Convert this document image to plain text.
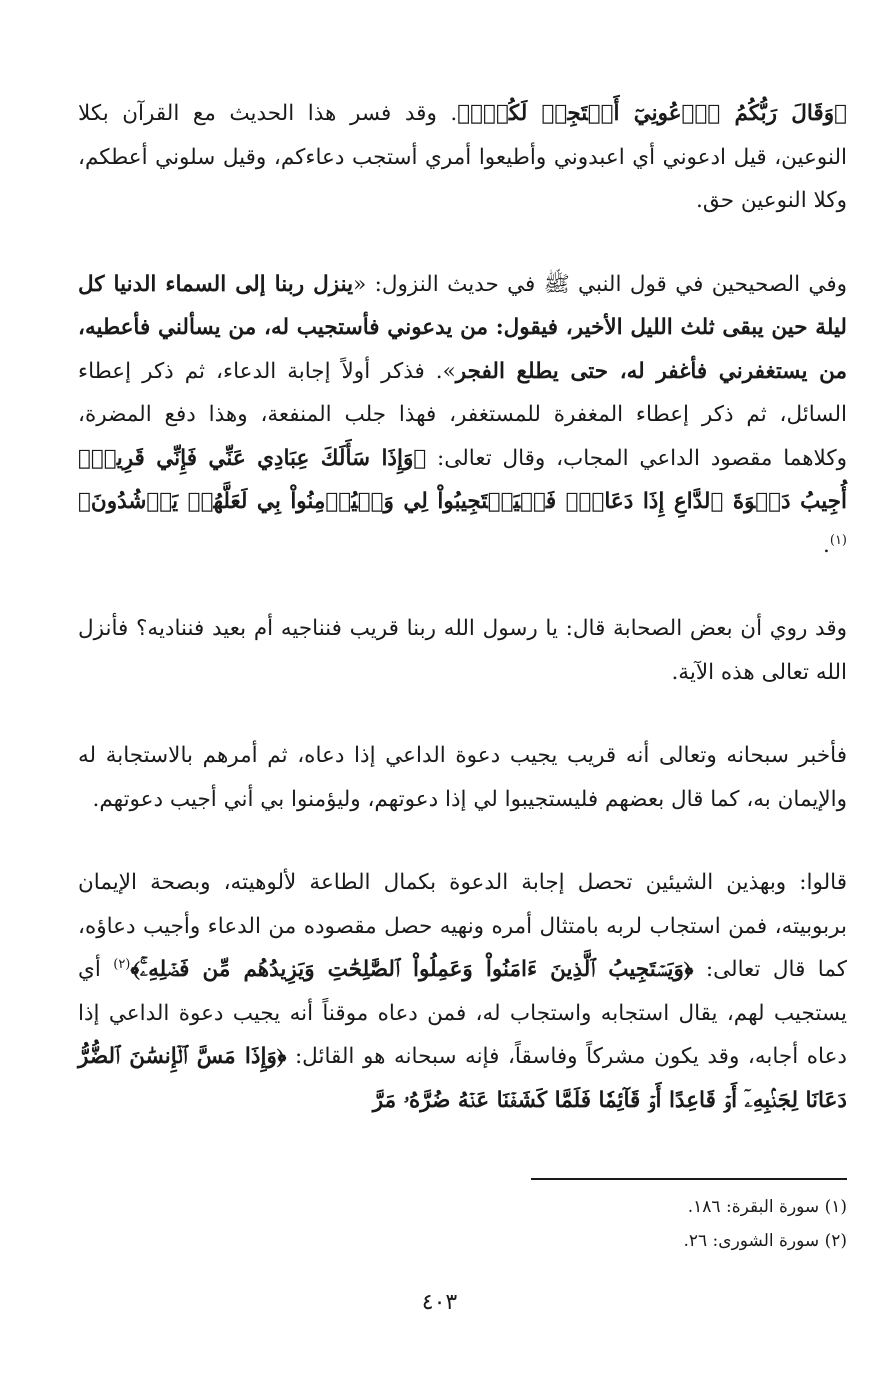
﴿وَقَالَ رَبُّكُمُ ٱدۡعُونِيٓ أَسۡتَجِبۡ لَكُمۡۚ﴾. وقد فسر هذا الحديث مع القرآن بكلا النوعين، قيل ادعوني أي اعبدوني وأطيعوا أمري أستجب دعاءكم، وقيل سلوني أعطكم، وكلا النوعين حق.

وفي الصحيحين في قول النبي ﷺ في حديث النزول: «ينزل ربنا إلى السماء الدنيا كل ليلة حين يبقى ثلث الليل الأخير، فيقول: من يدعوني فأستجيب له، من يسألني فأعطيه، من يستغفرني فأغفر له، حتى يطلع الفجر». فذكر أولاً إجابة الدعاء، ثم ذكر إعطاء السائل، ثم ذكر إعطاء المغفرة للمستغفر، فهذا جلب المنفعة، وهذا دفع المضرة، وكلاهما مقصود الداعي المجاب، وقال تعالى: ﴿وَإِذَا سَأَلَكَ عِبَادِي عَنِّي فَإِنِّي قَرِيبٌۖ أُجِيبُ دَعۡوَةَ ٱلدَّاعِ إِذَا دَعَانِۖ فَلۡيَسۡتَجِيبُواْ لِي وَلۡيُؤۡمِنُواْ بِي لَعَلَّهُمۡ يَرۡشُدُونَ﴾$^{(١)}$.

وقد روي أن بعض الصحابة قال: يا رسول الله ربنا قريب فنناجيه أم بعيد فنناديه؟ فأنزل الله تعالى هذه الآية.

فأخبر سبحانه وتعالى أنه قريب يجيب دعوة الداعي إذا دعاه، ثم أمرهم بالاستجابة له والإيمان به، كما قال بعضهم فليستجيبوا لي إذا دعوتهم، وليؤمنوا بي أني أجيب دعوتهم.

قالوا: وبهذين الشيئين تحصل إجابة الدعوة بكمال الطاعة لألوهيته، وبصحة الإيمان بربوبيته، فمن استجاب لربه بامتثال أمره ونهيه حصل مقصوده من الدعاء وأجيب دعاؤه، كما قال تعالى: ﴿وَيَسۡتَجِيبُ ٱلَّذِينَ ءَامَنُواْ وَعَمِلُواْ ٱلصَّٰلِحَٰتِ وَيَزِيدُهُم مِّن فَضۡلِهِۦۚ﴾$^{(٢)}$ أي يستجيب لهم، يقال استجابه واستجاب له، فمن دعاه موقناً أنه يجيب دعوة الداعي إذا دعاه أجابه، وقد يكون مشركاً وفاسقاً، فإنه سبحانه هو القائل: ﴿وَإِذَا مَسَّ ٱلۡإِنسَٰنَ ٱلضُّرُّ دَعَانَا لِجَنۢبِهِۦٓ أَوۡ قَاعِدًا أَوۡ قَآئِمٗا فَلَمَّا كَشَفۡنَا عَنۡهُ ضُرَّهُۥ مَرَّ

(١) سورة البقرة: ١٨٦.
(٢) سورة الشورى: ٢٦.
٤٠٣
